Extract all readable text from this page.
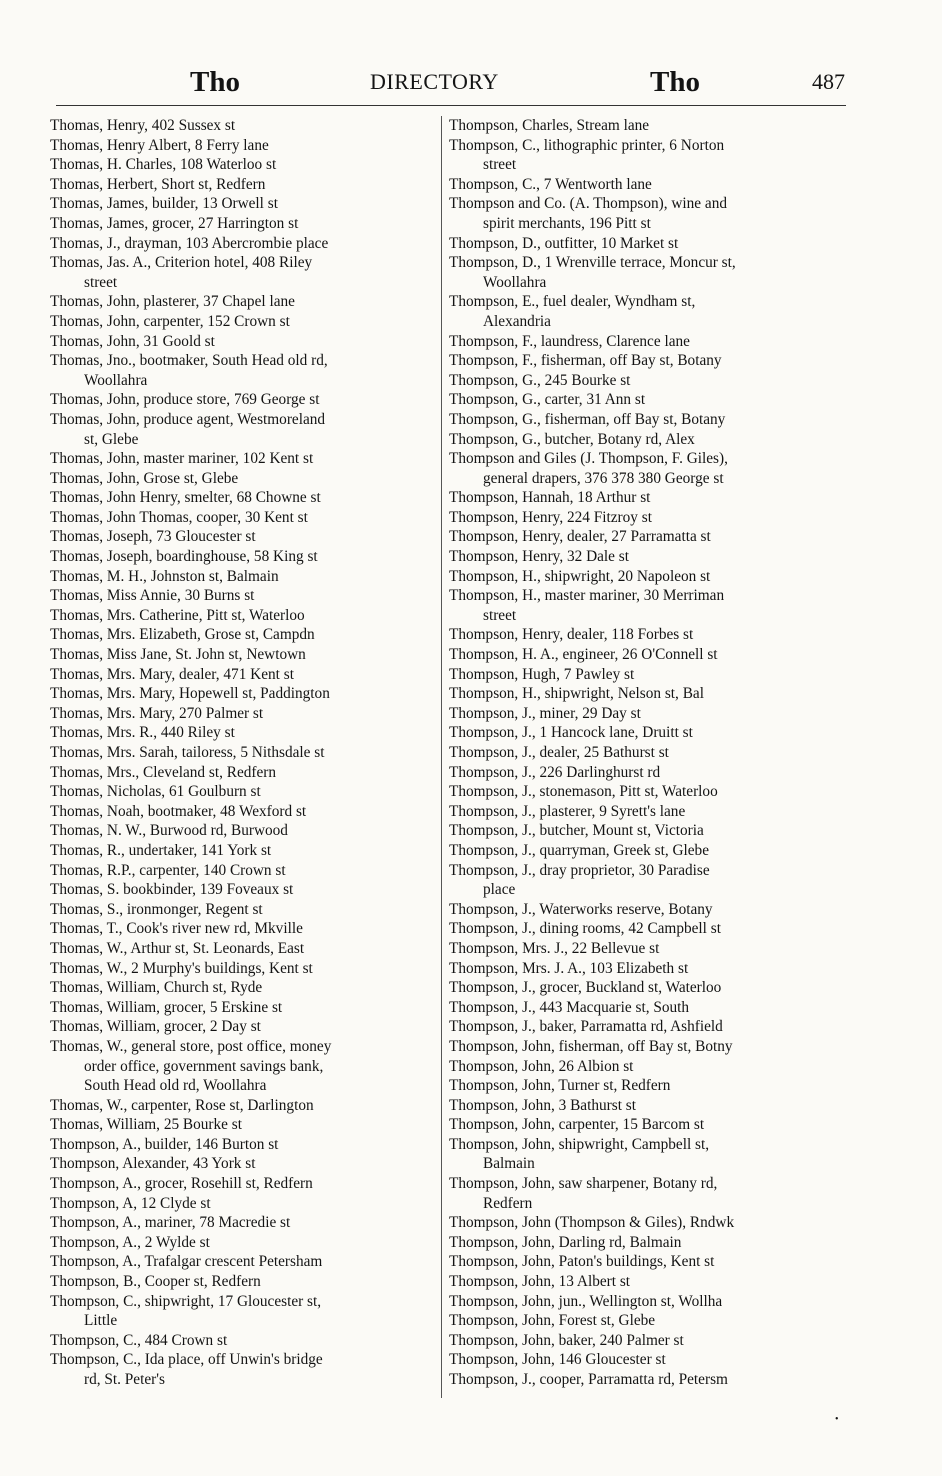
Tho	DIRECTORY	Tho	487
Thomas, Henry, 402 Sussex st
Thomas, Henry Albert, 8 Ferry lane
Thomas, H. Charles, 108 Waterloo st
Thomas, Herbert, Short st, Redfern
Thomas, James, builder, 13 Orwell st
Thomas, James, grocer, 27 Harrington st
Thomas, J., drayman, 103 Abercrombie place
Thomas, Jas. A., Criterion hotel, 408 Riley
street
Thomas, John, plasterer, 37 Chapel lane
Thomas, John, carpenter, 152 Crown st
Thomas, John, 31 Goold st
Thomas, Jno., bootmaker, South Head old rd,
Woollahra
Thomas, John, produce store, 769 George st
Thomas, John, produce agent, Westmoreland
st, Glebe
Thomas, John, master mariner, 102 Kent st
Thomas, John, Grose st, Glebe
Thomas, John Henry, smelter, 68 Chowne st
Thomas, John Thomas, cooper, 30 Kent st
Thomas, Joseph, 73 Gloucester st
Thomas, Joseph, boardinghouse, 58 King st
Thomas, M. H., Johnston st, Balmain
Thomas, Miss Annie, 30 Burns st
Thomas, Mrs. Catherine, Pitt st, Waterloo
Thomas, Mrs. Elizabeth, Grose st, Campdn
Thomas, Miss Jane, St. John st, Newtown
Thomas, Mrs. Mary, dealer, 471 Kent st
Thomas, Mrs. Mary, Hopewell st, Paddington
Thomas, Mrs. Mary, 270 Palmer st
Thomas, Mrs. R., 440 Riley st
Thomas, Mrs. Sarah, tailoress, 5 Nithsdale st
Thomas, Mrs., Cleveland st, Redfern
Thomas, Nicholas, 61 Goulburn st
Thomas, Noah, bootmaker, 48 Wexford st
Thomas, N. W., Burwood rd, Burwood
Thomas, R., undertaker, 141 York st
Thomas, R.P., carpenter, 140 Crown st
Thomas, S. bookbinder, 139 Foveaux st
Thomas, S., ironmonger, Regent st
Thomas, T., Cook's river new rd, Mkville
Thomas, W., Arthur st, St. Leonards, East
Thomas, W., 2 Murphy's buildings, Kent st
Thomas, William, Church st, Ryde
Thomas, William, grocer, 5 Erskine st
Thomas, William, grocer, 2 Day st
Thomas, W., general store, post office, money
order office, government savings bank,
South Head old rd, Woollahra
Thomas, W., carpenter, Rose st, Darlington
Thomas, William, 25 Bourke st
Thompson, A., builder, 146 Burton st
Thompson, Alexander, 43 York st
Thompson, A., grocer, Rosehill st, Redfern
Thompson, A, 12 Clyde st
Thompson, A., mariner, 78 Macredie st
Thompson, A., 2 Wylde st
Thompson, A., Trafalgar crescent Petersham
Thompson, B., Cooper st, Redfern
Thompson, C., shipwright, 17 Gloucester st,
Little
Thompson, C., 484 Crown st
Thompson, C., Ida place, off Unwin's bridge
rd, St. Peter's
Thompson, Charles, Stream lane
Thompson, C., lithographic printer, 6 Norton
street
Thompson, C., 7 Wentworth lane
Thompson and Co. (A. Thompson), wine and
spirit merchants, 196 Pitt st
Thompson, D., outfitter, 10 Market st
Thompson, D., 1 Wrenville terrace, Moncur st,
Woollahra
Thompson, E., fuel dealer, Wyndham st,
Alexandria
Thompson, F., laundress, Clarence lane
Thompson, F., fisherman, off Bay st, Botany
Thompson, G., 245 Bourke st
Thompson, G., carter, 31 Ann st
Thompson, G., fisherman, off Bay st, Botany
Thompson, G., butcher, Botany rd, Alex
Thompson and Giles (J. Thompson, F. Giles),
general drapers, 376 378 380 George st
Thompson, Hannah, 18 Arthur st
Thompson, Henry, 224 Fitzroy st
Thompson, Henry, dealer, 27 Parramatta st
Thompson, Henry, 32 Dale st
Thompson, H., shipwright, 20 Napoleon st
Thompson, H., master mariner, 30 Merriman
street
Thompson, Henry, dealer, 118 Forbes st
Thompson, H. A., engineer, 26 O'Connell st
Thompson, Hugh, 7 Pawley st
Thompson, H., shipwright, Nelson st, Bal
Thompson, J., miner, 29 Day st
Thompson, J., 1 Hancock lane, Druitt st
Thompson, J., dealer, 25 Bathurst st
Thompson, J., 226 Darlinghurst rd
Thompson, J., stonemason, Pitt st, Waterloo
Thompson, J., plasterer, 9 Syrett's lane
Thompson, J., butcher, Mount st, Victoria
Thompson, J., quarryman, Greek st, Glebe
Thompson, J., dray proprietor, 30 Paradise
place
Thompson, J., Waterworks reserve, Botany
Thompson, J., dining rooms, 42 Campbell st
Thompson, Mrs. J., 22 Bellevue st
Thompson, Mrs. J. A., 103 Elizabeth st
Thompson, J., grocer, Buckland st, Waterloo
Thompson, J., 443 Macquarie st, South
Thompson, J., baker, Parramatta rd, Ashfield
Thompson, John, fisherman, off Bay st, Botny
Thompson, John, 26 Albion st
Thompson, John, Turner st, Redfern
Thompson, John, 3 Bathurst st
Thompson, John, carpenter, 15 Barcom st
Thompson, John, shipwright, Campbell st,
Balmain
Thompson, John, saw sharpener, Botany rd,
Redfern
Thompson, John (Thompson & Giles), Rndwk
Thompson, John, Darling rd, Balmain
Thompson, John, Paton's buildings, Kent st
Thompson, John, 13 Albert st
Thompson, John, jun., Wellington st, Wollha
Thompson, John, Forest st, Glebe
Thompson, John, baker, 240 Palmer st
Thompson, John, 146 Gloucester st
Thompson, J., cooper, Parramatta rd, Petersm
•
